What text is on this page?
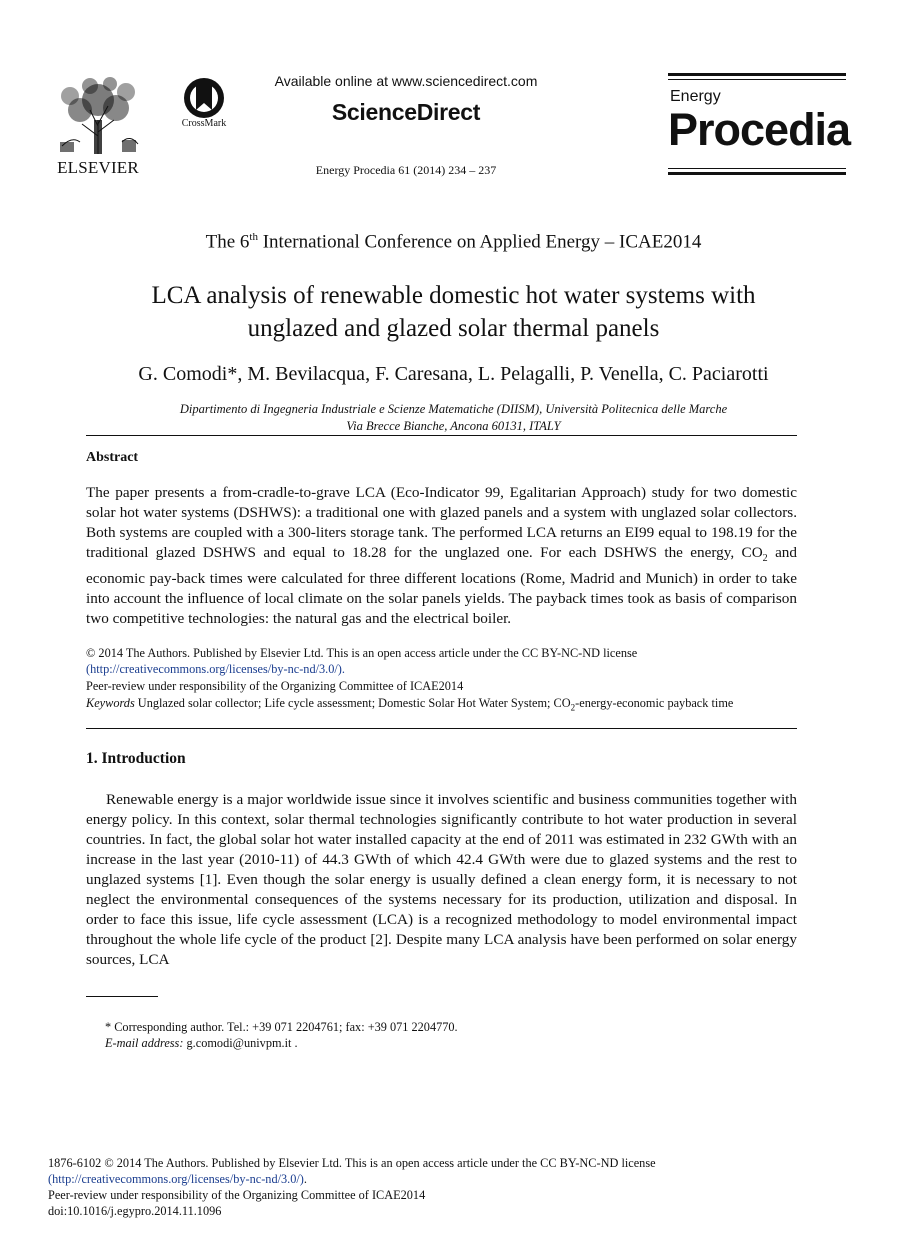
ELSEVIER
CrossMark
Available online at www.sciencedirect.com
ScienceDirect
Energy Procedia 61 (2014) 234 – 237
Energy
Procedia
The 6th International Conference on Applied Energy – ICAE2014
LCA analysis of renewable domestic hot water systems with
unglazed and glazed solar thermal panels
G. Comodi*, M. Bevilacqua, F. Caresana, L. Pelagalli, P. Venella, C. Paciarotti
Dipartimento di Ingegneria Industriale e Scienze Matematiche (DIISM), Università Politecnica delle Marche
Via Brecce Bianche, Ancona 60131, ITALY
Abstract
The paper presents a from-cradle-to-grave LCA (Eco-Indicator 99, Egalitarian Approach) study for two domestic solar hot water systems (DSHWS): a traditional one with glazed panels and a system with unglazed solar collectors. Both systems are coupled with a 300-liters storage tank. The performed LCA returns an EI99 equal to 198.19 for the traditional glazed DSHWS and equal to 18.28 for the unglazed one. For each DSHWS the energy, $CO_2$ and economic pay-back times were calculated for three different locations (Rome, Madrid and Munich) in order to take into account the influence of local climate on the solar panels yields. The payback times took as basis of comparison two competitive technologies: the natural gas and the electrical boiler.
© 2014 The Authors. Published by Elsevier Ltd. This is an open access article under the CC BY-NC-ND license
(http://creativecommons.org/licenses/by-nc-nd/3.0/).
Peer-review under responsibility of the Organizing Committee of ICAE2014
Keywords Unglazed solar collector; Life cycle assessment; Domestic Solar Hot Water System; $CO_2-energy$-economic payback time
1. Introduction
Renewable energy is a major worldwide issue since it involves scientific and business communities together with energy policy. In this context, solar thermal technologies significantly contribute to hot water production in several countries. In fact, the global solar hot water installed capacity at the end of 2011 was estimated in 232 GWth with an increase in the last year (2010-11) of 44.3 GWth of which 42.4 GWth were due to glazed systems and the rest to unglazed systems [1]. Even though the solar energy is usually defined a clean energy form, it is necessary to not neglect the environmental consequences of the systems necessary for its production, utilization and disposal. In order to face this issue, life cycle assessment (LCA) is a recognized methodology to model environmental impact throughout the whole life cycle of the product [2]. Despite many LCA analysis have been performed on solar energy sources, LCA
* Corresponding author. Tel.: +39 071 2204761; fax: +39 071 2204770.
E-mail address: g.comodi@univpm.it .
1876-6102 © 2014 The Authors. Published by Elsevier Ltd. This is an open access article under the CC BY-NC-ND license
(http://creativecommons.org/licenses/by-nc-nd/3.0/).
Peer-review under responsibility of the Organizing Committee of ICAE2014
doi:10.1016/j.egypro.2014.11.1096
